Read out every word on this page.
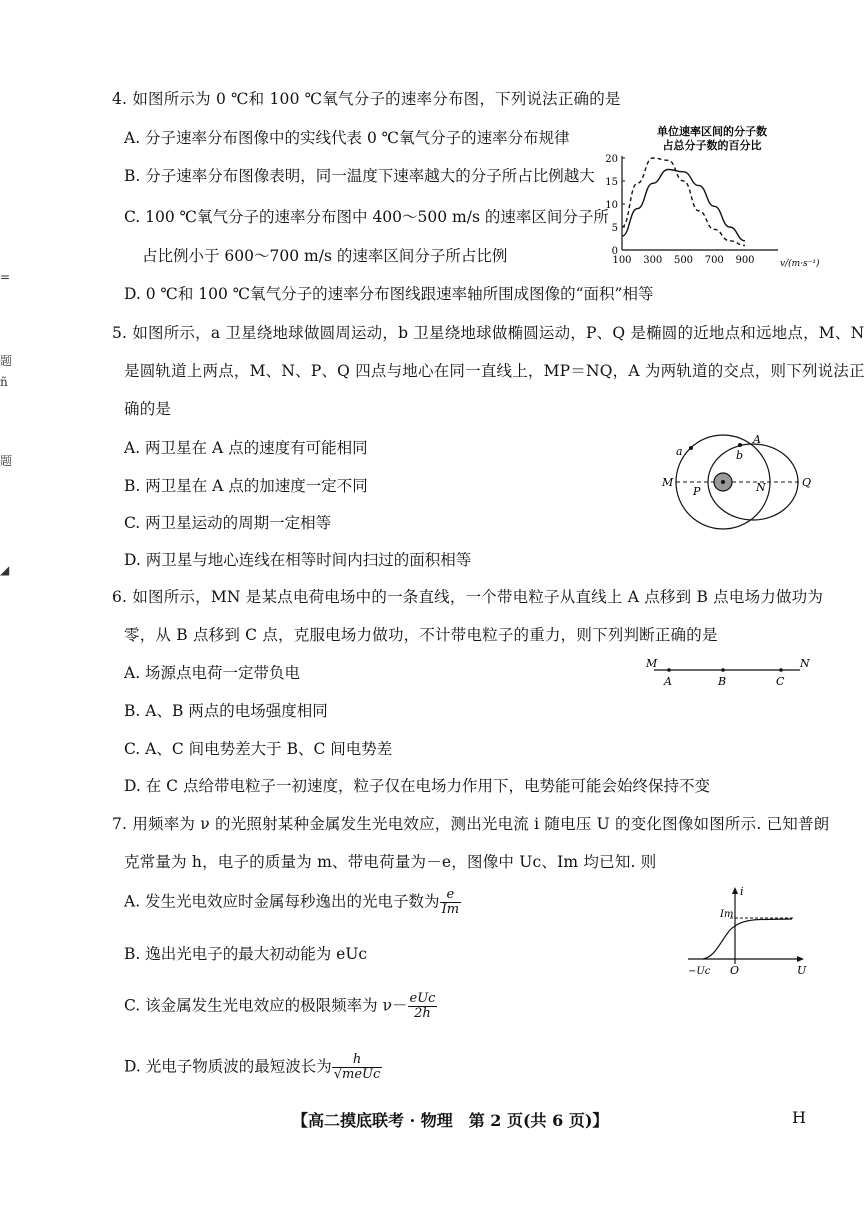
=
题
ñ
题
◢
4. 如图所示为 0 ℃和 100 ℃氧气分子的速率分布图，下列说法正确的是
A. 分子速率分布图像中的实线代表 0 ℃氧气分子的速率分布规律
B. 分子速率分布图像表明，同一温度下速率越大的分子所占比例越大
C. 100 ℃氧气分子的速率分布图中 400～500 m/s 的速率区间分子所
占比例小于 600～700 m/s 的速率区间分子所占比例
D. 0 ℃和 100 ℃氧气分子的速率分布图线跟速率轴所围成图像的“面积”相等
单位速率区间的分子数
占总分子数的百分比
0
5
10
15
20
100 300 500 700 900	v/(m·s⁻¹)
5. 如图所示，a 卫星绕地球做圆周运动，b 卫星绕地球做椭圆运动，P、Q 是椭圆的近地点和远地点，M、N
是圆轨道上两点，M、N、P、Q 四点与地心在同一直线上，MP＝NQ，A 为两轨道的交点，则下列说法正
确的是
A. 两卫星在 A 点的速度有可能相同
B. 两卫星在 A 点的加速度一定不同
C. 两卫星运动的周期一定相等
D. 两卫星与地心连线在相等时间内扫过的面积相等
a	b
A
M
P	N	Q
6. 如图所示，MN 是某点电荷电场中的一条直线，一个带电粒子从直线上 A 点移到 B 点电场力做功为
零，从 B 点移到 C 点，克服电场力做功，不计带电粒子的重力，则下列判断正确的是
A. 场源点电荷一定带负电
B. A、B 两点的电场强度相同
C. A、C 间电势差大于 B、C 间电势差
D. 在 C 点给带电粒子一初速度，粒子仅在电场力作用下，电势能可能会始终保持不变
M	N
A	B	C
7. 用频率为 ν 的光照射某种金属发生光电效应，测出光电流 i 随电压 U 的变化图像如图所示. 已知普朗
克常量为 h，电子的质量为 m、带电荷量为－e，图像中 Uc、Im 均已知. 则
A. 发生光电效应时金属每秒逸出的光电子数为 $\frac{e}{Im}$
B. 逸出光电子的最大初动能为 eUc
C. 该金属发生光电效应的极限频率为 $\nu- \frac{\text{eUc}}{2h}$
D. 光电子物质波的最短波长为 $\frac{h}{\text{√meUc}}$
i
Im
−Uc O	U
【高二摸底联考 · 物理　第 2 页(共 6 页)】	H
